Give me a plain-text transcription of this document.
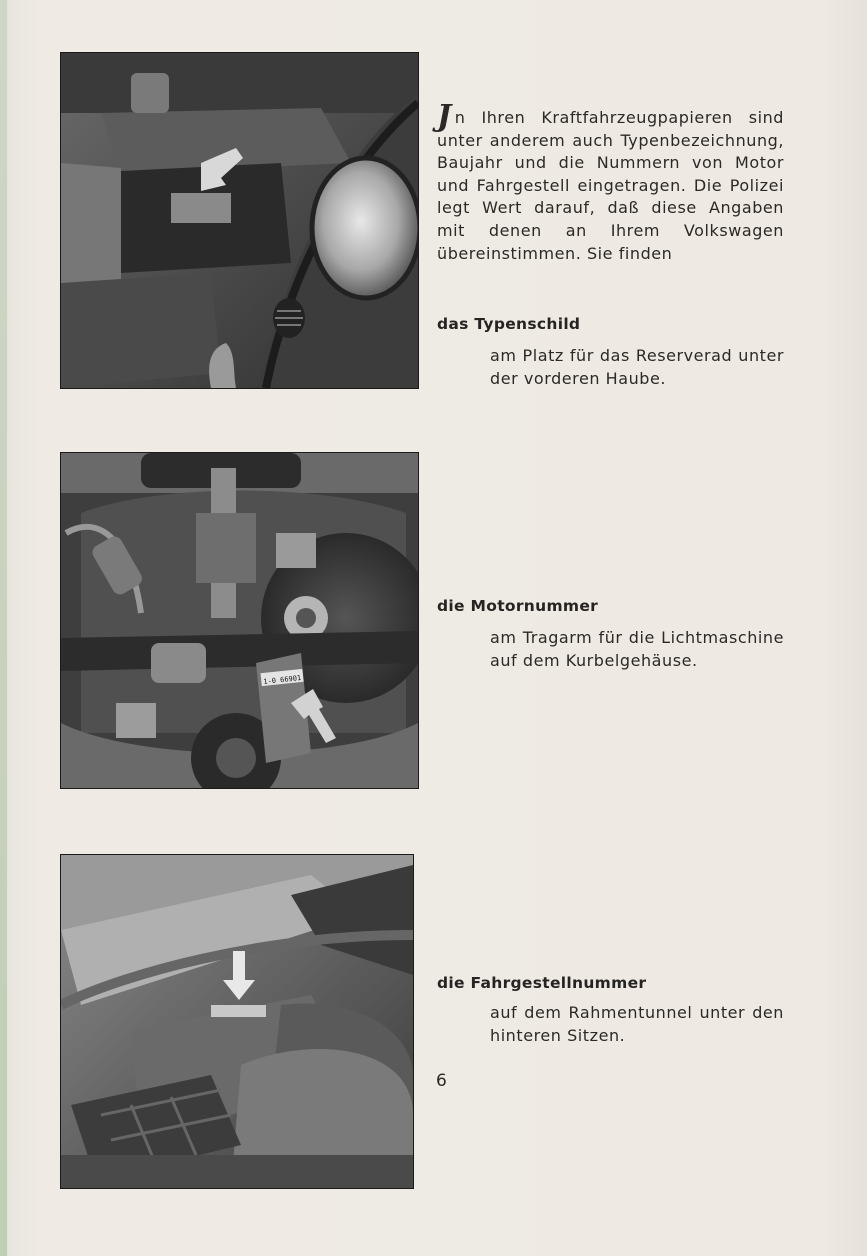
1-0 66901

Jn Ihren Kraftfahrzeugpapieren sind unter anderem auch Typenbezeichnung, Baujahr und die Nummern von Motor und Fahrgestell eingetragen. Die Polizei legt Wert darauf, daß diese Angaben mit denen an Ihrem Volkswagen übereinstimmen. Sie finden

das Typenschild

am Platz für das Reserverad unter der vorderen Haube.

die Motornummer

am Tragarm für die Lichtmaschine auf dem Kurbelgehäuse.

die Fahrgestellnummer

auf dem Rahmentunnel unter den hinteren Sitzen.

6
